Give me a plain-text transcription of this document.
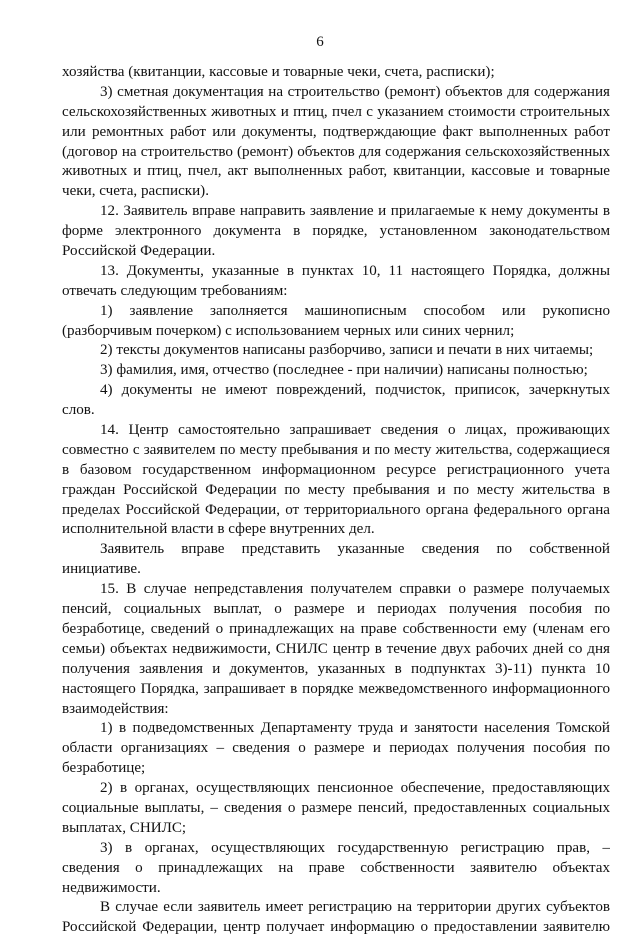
6
хозяйства (квитанции, кассовые и товарные чеки, счета, расписки);
3) сметная документация на строительство (ремонт) объектов для содержания
сельскохозяйственных животных и птиц, пчел с указанием стоимости строительных
или ремонтных работ или документы, подтверждающие факт выполненных работ
(договор на строительство (ремонт) объектов для содержания сельскохозяйственных
животных и птиц, пчел, акт выполненных работ, квитанции, кассовые и товарные
чеки, счета, расписки).
12. Заявитель вправе направить заявление и прилагаемые к нему документы в
форме электронного документа в порядке, установленном законодательством
Российской Федерации.
13. Документы, указанные в пунктах 10, 11 настоящего Порядка, должны
отвечать следующим требованиям:
1) заявление заполняется машинописным способом или рукописно
(разборчивым почерком) с использованием черных или синих чернил;
2) тексты документов написаны разборчиво, записи и печати в них читаемы;
3) фамилия, имя, отчество (последнее - при наличии) написаны полностью;
4) документы не имеют повреждений, подчисток, приписок, зачеркнутых
слов.
14. Центр самостоятельно запрашивает сведения о лицах, проживающих
совместно с заявителем по месту пребывания и по месту жительства, содержащиеся
в базовом государственном информационном ресурсе регистрационного учета
граждан Российской Федерации по месту пребывания и по месту жительства в
пределах Российской Федерации, от территориального органа федерального органа
исполнительной власти в сфере внутренних дел.
Заявитель вправе представить указанные сведения по собственной
инициативе.
15. В случае непредставления получателем справки о размере получаемых
пенсий, социальных выплат, о размере и периодах получения пособия по
безработице, сведений о принадлежащих на праве собственности ему (членам его
семьи) объектах недвижимости, СНИЛС центр в течение двух рабочих дней со дня
получения заявления и документов, указанных в подпунктах 3)-11) пункта 10
настоящего Порядка, запрашивает в порядке межведомственного информационного
взаимодействия:
1) в подведомственных Департаменту труда и занятости населения Томской
области организациях – сведения о размере и периодах получения пособия по
безработице;
2) в органах, осуществляющих пенсионное обеспечение, предоставляющих
социальные выплаты, – сведения о размере пенсий, предоставленных социальных
выплатах, СНИЛС;
3) в органах, осуществляющих государственную регистрацию прав, –
сведения о принадлежащих на праве собственности заявителю объектах
недвижимости.
В случае если заявитель имеет регистрацию на территории других субъектов
Российской Федерации, центр получает информацию о предоставлении заявителю
